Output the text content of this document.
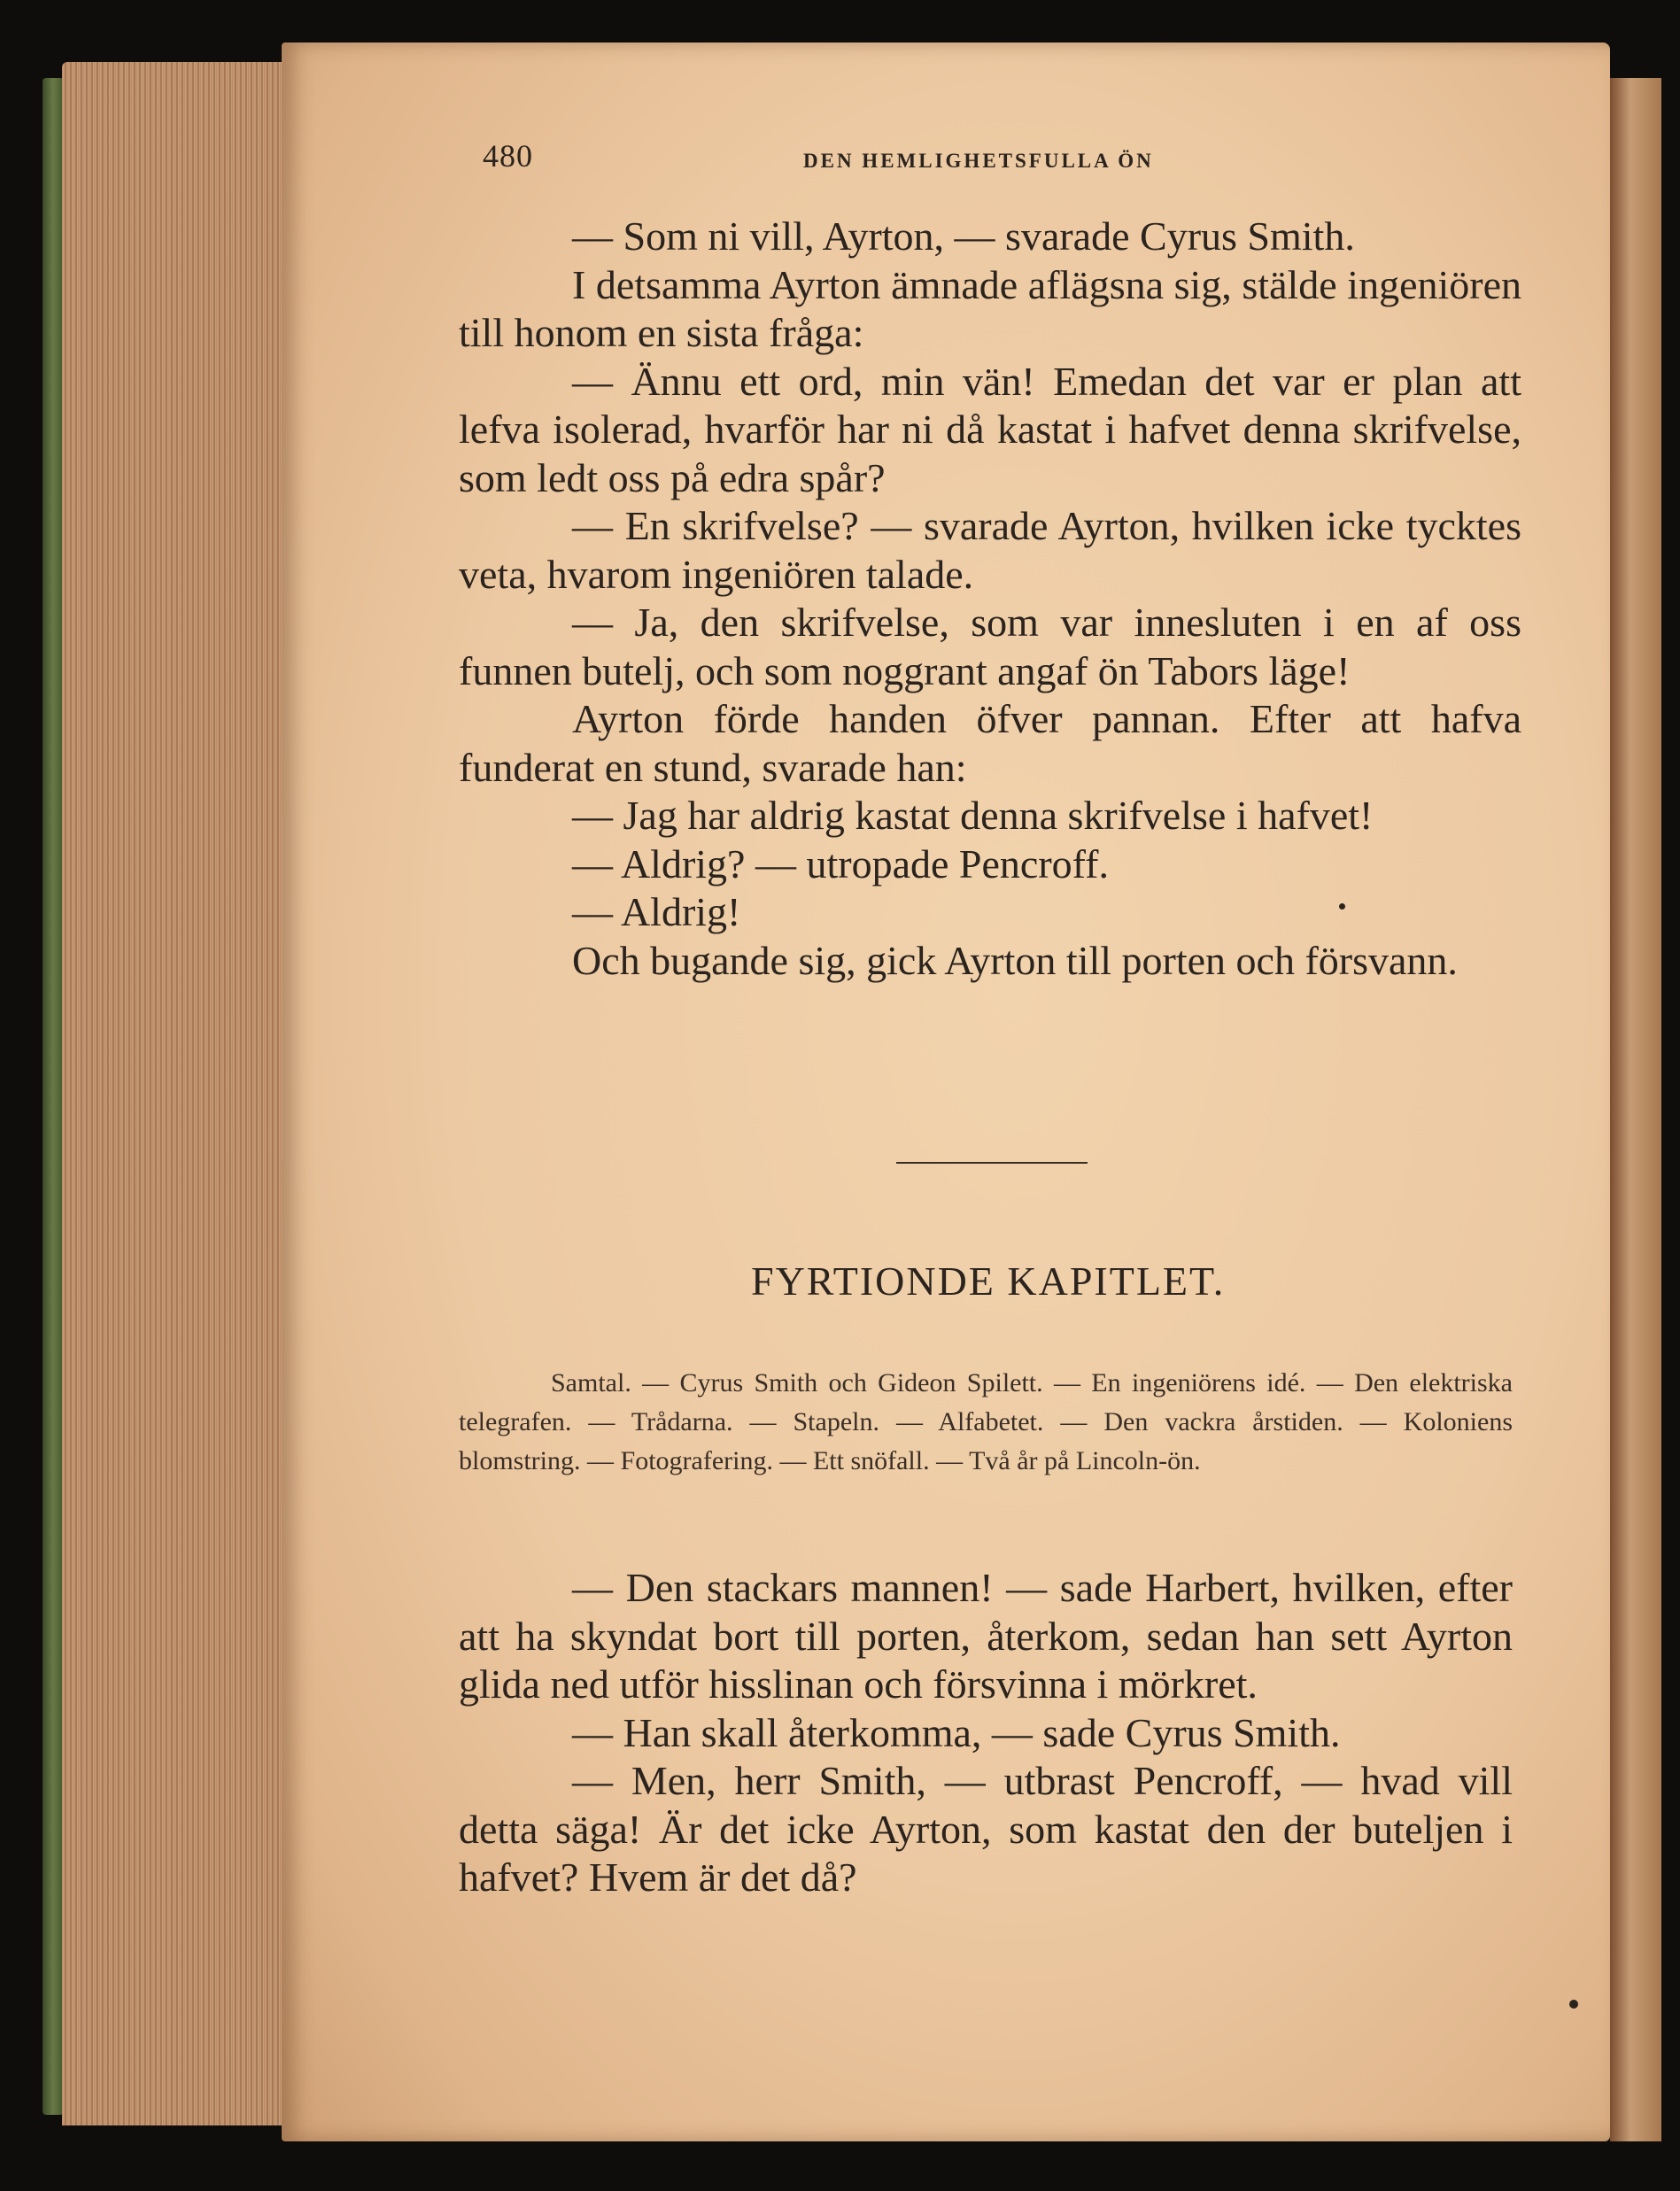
480	DEN HEMLIGHETSFULLA ÖN

— Som ni vill, Ayrton, — svarade Cyrus Smith.

I detsamma Ayrton ämnade aflägsna sig, stälde ingeniören till honom en sista fråga:

— Ännu ett ord, min vän! Emedan det var er plan att lefva isolerad, hvarför har ni då kastat i hafvet denna skrifvelse, som ledt oss på edra spår?

— En skrifvelse? — svarade Ayrton, hvilken icke tycktes veta, hvarom ingeniören talade.

— Ja, den skrifvelse, som var innesluten i en af oss funnen butelj, och som noggrant angaf ön Tabors läge!

Ayrton förde handen öfver pannan. Efter att hafva funderat en stund, svarade han:

— Jag har aldrig kastat denna skrifvelse i hafvet!

— Aldrig? — utropade Pencroff.

— Aldrig!

Och bugande sig, gick Ayrton till porten och försvann.

FYRTIONDE KAPITLET.

Samtal. — Cyrus Smith och Gideon Spilett. — En ingeniörens idé. — Den elektriska telegrafen. — Trådarna. — Stapeln. — Alfabetet. — Den vackra årstiden. — Koloniens blomstring. — Fotografering. — Ett snöfall. — Två år på Lincoln-ön.

— Den stackars mannen! — sade Harbert, hvilken, efter att ha skyndat bort till porten, återkom, sedan han sett Ayrton glida ned utför hisslinan och försvinna i mörkret.

— Han skall återkomma, — sade Cyrus Smith.

— Men, herr Smith, — utbrast Pencroff, — hvad vill detta säga! Är det icke Ayrton, som kastat den der buteljen i hafvet? Hvem är det då?
